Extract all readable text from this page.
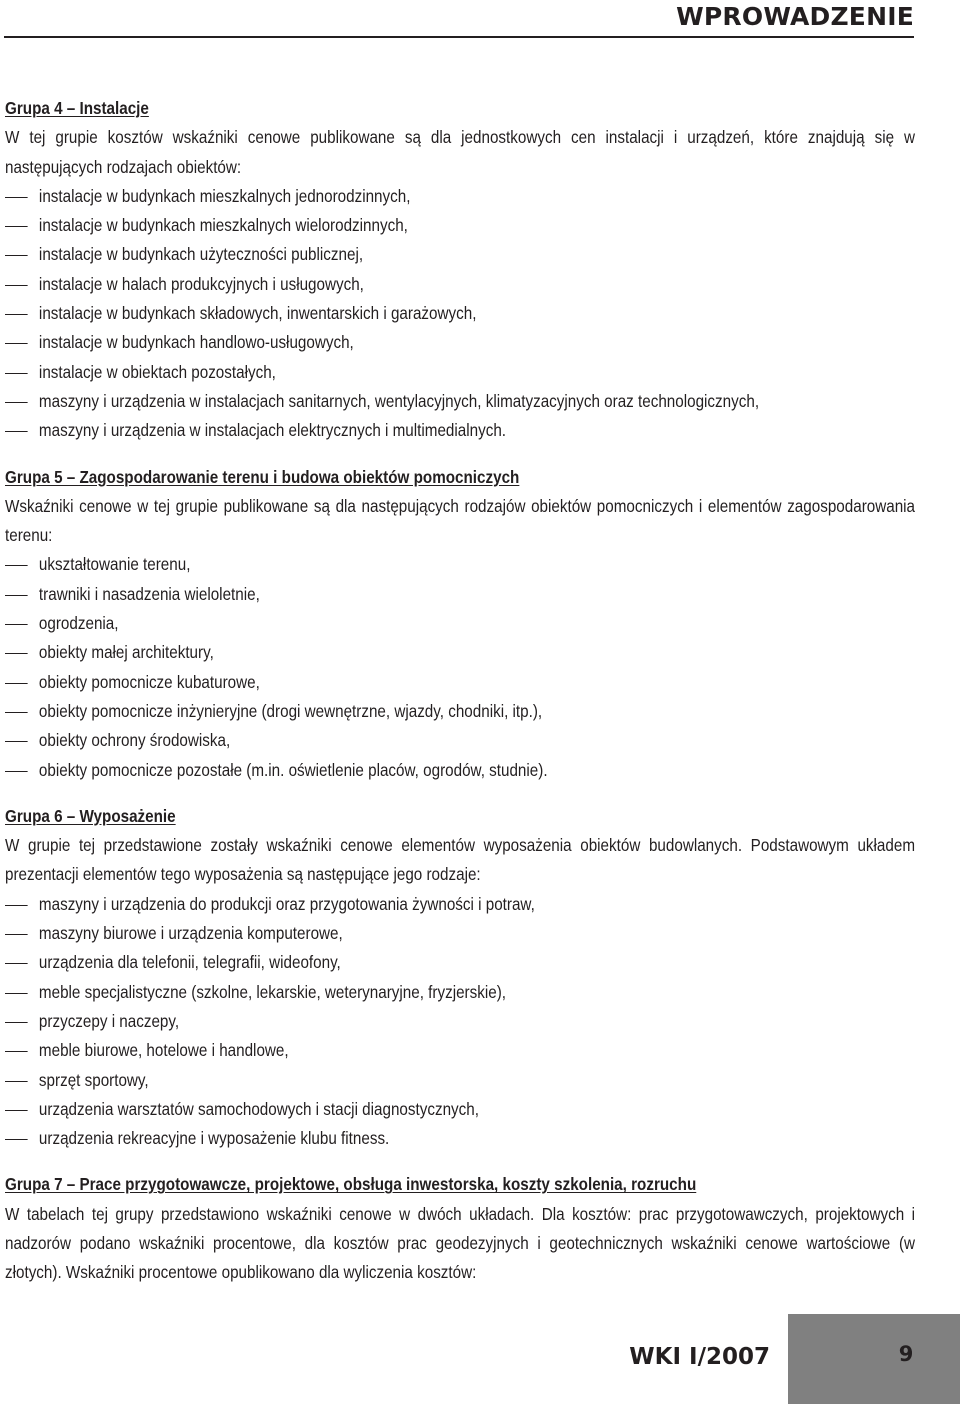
WPROWADZENIE
Grupa 4 – Instalacje

W tej grupie kosztów wskaźniki cenowe publikowane są dla jednostkowych cen instalacji i urządzeń, które znajdują się w następujących rodzajach obiektów:

instalacje w budynkach mieszkalnych jednorodzinnych,
instalacje w budynkach mieszkalnych wielorodzinnych,
instalacje w budynkach użyteczności publicznej,
instalacje w halach produkcyjnych i usługowych,
instalacje w budynkach składowych, inwentarskich i garażowych,
instalacje w budynkach handlowo-usługowych,
instalacje w obiektach pozostałych,
maszyny i urządzenia w instalacjach sanitarnych, wentylacyjnych, klimatyzacyjnych oraz technologicznych,
maszyny i urządzenia w instalacjach elektrycznych i multimedialnych.
Grupa 5 – Zagospodarowanie terenu i budowa obiektów pomocniczych

Wskaźniki cenowe w tej grupie publikowane są dla następujących rodzajów obiektów pomocniczych i elementów zagospodarowania terenu:

ukształtowanie terenu,
trawniki i nasadzenia wieloletnie,
ogrodzenia,
obiekty małej architektury,
obiekty pomocnicze kubaturowe,
obiekty pomocnicze inżynieryjne (drogi wewnętrzne, wjazdy, chodniki, itp.),
obiekty ochrony środowiska,
obiekty pomocnicze pozostałe (m.in. oświetlenie placów, ogrodów, studnie).
Grupa 6 – Wyposażenie

W grupie tej przedstawione zostały wskaźniki cenowe elementów wyposażenia obiektów budowlanych. Podstawowym układem prezentacji elementów tego wyposażenia są następujące jego rodzaje:

maszyny i urządzenia do produkcji oraz przygotowania żywności i potraw,
maszyny biurowe i urządzenia komputerowe,
urządzenia dla telefonii, telegrafii, wideofony,
meble specjalistyczne (szkolne, lekarskie, weterynaryjne, fryzjerskie),
przyczepy i naczepy,
meble biurowe, hotelowe i handlowe,
sprzęt sportowy,
urządzenia warsztatów samochodowych i stacji diagnostycznych,
urządzenia rekreacyjne i wyposażenie klubu fitness.
Grupa 7 – Prace przygotowawcze, projektowe, obsługa inwestorska, koszty szkolenia, rozruchu

W tabelach tej grupy przedstawiono wskaźniki cenowe w dwóch układach. Dla kosztów: prac przygotowawczych, projektowych i nadzorów podano wskaźniki procentowe, dla kosztów prac geodezyjnych i geotechnicznych wskaźniki cenowe wartościowe (w złotych). Wskaźniki procentowe opublikowano dla wyliczenia kosztów:

WKI I/2007	9
